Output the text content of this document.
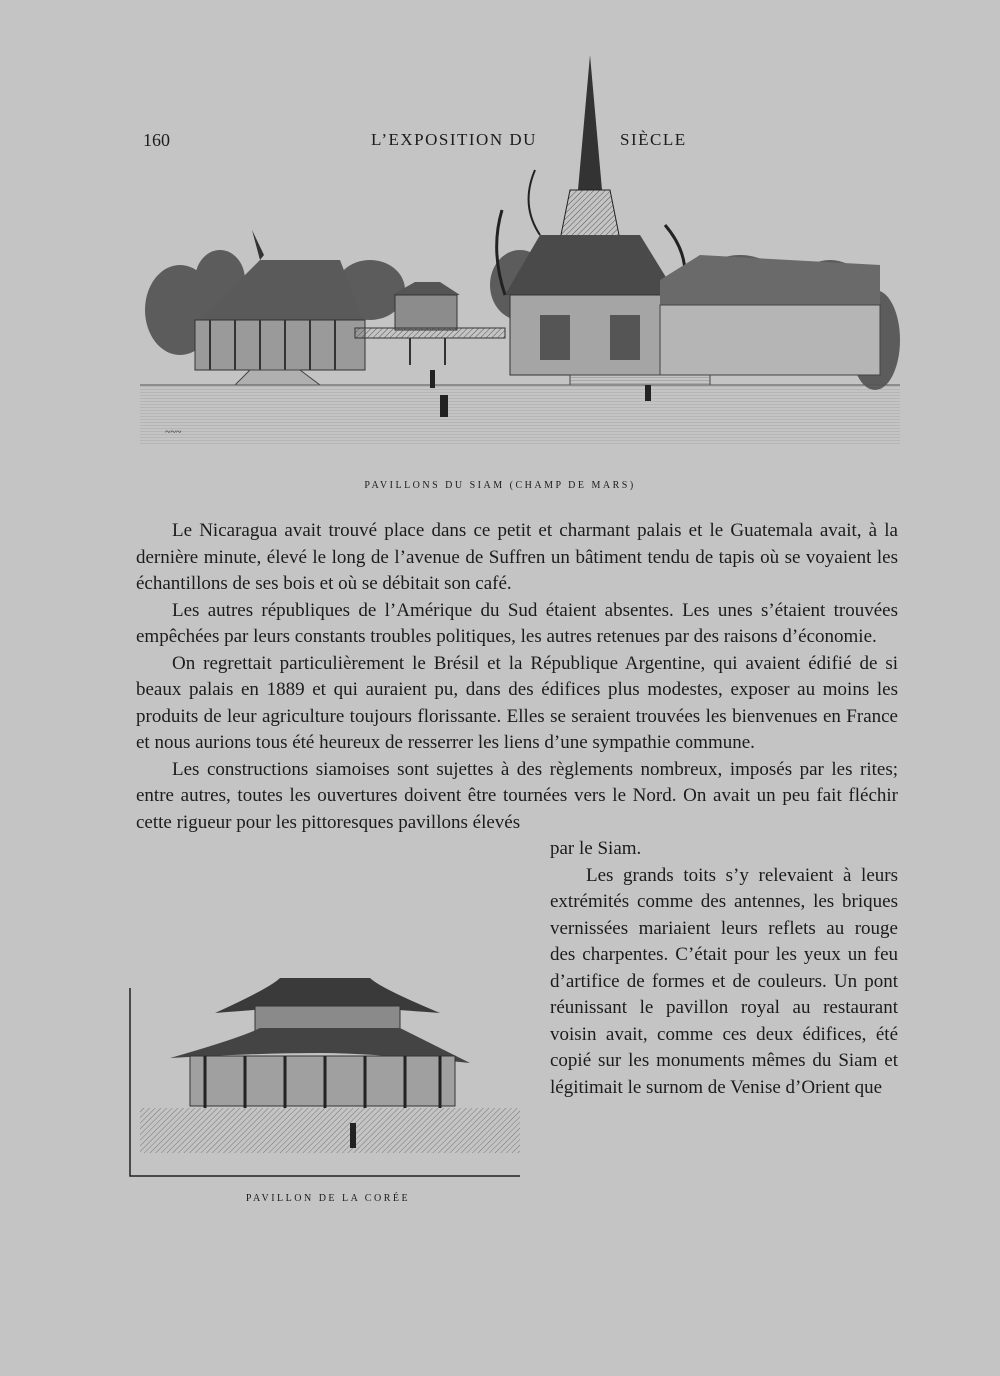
160	L’EXPOSITION DU	SIÈCLE
~~~
PAVILLONS DU SIAM (CHAMP DE MARS)

Le Nicaragua avait trouvé place dans ce petit et charmant palais et le Guatemala avait, à la dernière minute, élevé le long de l’avenue de Suffren un bâtiment tendu de tapis où se voyaient les échantillons de ses bois et où se débitait son café.

Les autres républiques de l’Amérique du Sud étaient absentes. Les unes s’étaient trouvées empêchées par leurs constants troubles politiques, les autres retenues par des raisons d’économie.

On regrettait particulièrement le Brésil et la République Argentine, qui avaient édifié de si beaux palais en 1889 et qui auraient pu, dans des édifices plus modestes, exposer au moins les produits de leur agriculture toujours florissante. Elles se seraient trouvées les bienvenues en France et nous aurions tous été heureux de resserrer les liens d’une sympathie commune.

Les constructions siamoises sont sujettes à des règlements nombreux, imposés par les rites; entre autres, toutes les ouvertures doivent être tournées vers le Nord. On avait un peu fait fléchir cette rigueur pour les pittoresques pavillons élevés

par le Siam.
Les grands toits s’y relevaient à leurs extrémités comme des antennes, les briques vernissées mariaient leurs reflets au rouge des charpentes. C’était pour les yeux un feu d’artifice de formes et de couleurs. Un pont réunissant le pavillon royal au restaurant voisin avait, comme ces deux édifices, été copié sur les monuments mêmes du Siam et légitimait le surnom de Venise d’Orient que
PAVILLON DE LA CORÉE
